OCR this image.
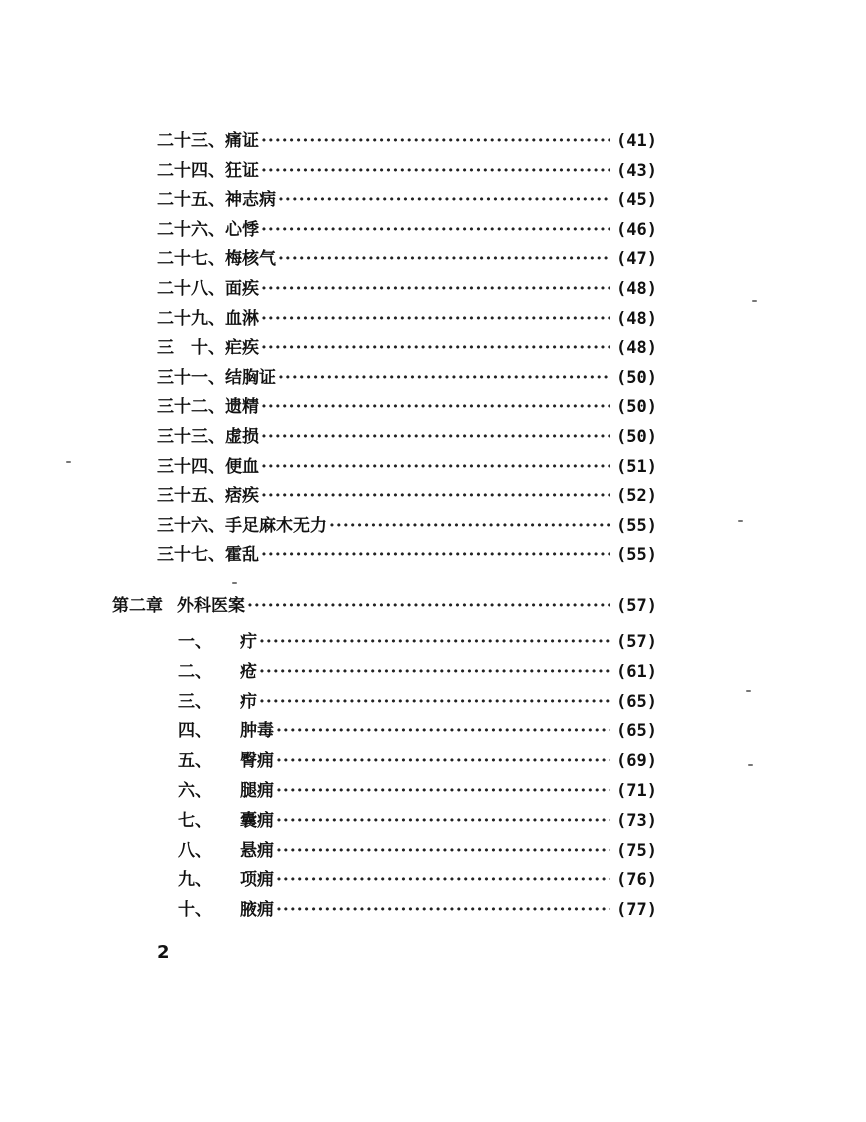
二十三、 痛证 ·····	(41)
二十四、 狂证 ·····	(43)
二十五、 神志病 ·····	(45)
二十六、 心悸 ·····	(46)
二十七、 梅核气 ·····	(47)
二十八、 面疾 ·····	(48)
二十九、 血淋 ·····	(48)
三　十、 疟疾 ·····	(48)
三十一、 结胸证 ·····	(50)
三十二、 遗精 ·····	(50)
三十三、 虚损 ·····	(50)
三十四、 便血 ·····	(51)
三十五、 痞疾 ·····	(52)
三十六、 手足麻木无力 ·····	(55)
三十七、 霍乱 ·····	(55)
第二章 外科医案 ·····	(57)
一、	疔 ·····	(57)
二、	疮 ·····	(61)
三、	疖 ·····	(65)
四、	肿毒 ·····	(65)
五、	臀痈 ·····	(69)
六、	腿痈 ·····	(71)
七、	囊痈 ·····	(73)
八、	悬痈 ·····	(75)
九、	项痈 ·····	(76)
十、	腋痈 ·····	(77)
2
